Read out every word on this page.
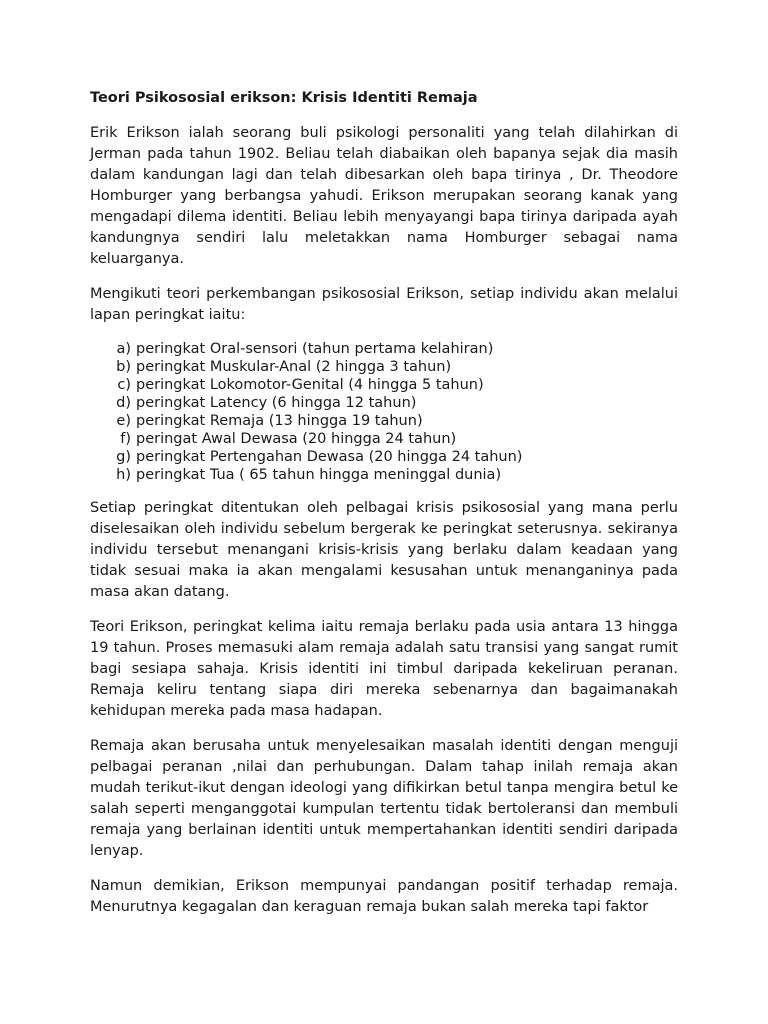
Teori Psikososial erikson: Krisis Identiti Remaja

Erik Erikson ialah seorang buli psikologi personaliti yang telah dilahirkan di Jerman pada tahun 1902. Beliau telah diabaikan oleh bapanya sejak dia masih dalam kandungan lagi dan telah dibesarkan oleh bapa tirinya , Dr. Theodore Homburger yang berbangsa yahudi. Erikson merupakan seorang kanak yang mengadapi dilema identiti. Beliau lebih menyayangi bapa tirinya daripada ayah kandungnya sendiri lalu meletakkan nama Homburger sebagai nama keluarganya.

Mengikuti teori perkembangan psikososial Erikson, setiap individu akan melalui lapan peringkat iaitu:

a) peringkat Oral-sensori (tahun pertama kelahiran)
b) peringkat Muskular-Anal (2 hingga 3 tahun)
c) peringkat Lokomotor-Genital (4 hingga 5 tahun)
d) peringkat Latency (6 hingga 12 tahun)
e) peringkat Remaja (13 hingga 19 tahun)
f) peringat Awal Dewasa (20 hingga 24 tahun)
g) peringkat Pertengahan Dewasa (20 hingga 24 tahun)
h) peringkat Tua ( 65 tahun hingga meninggal dunia)

Setiap peringkat ditentukan oleh pelbagai krisis psikososial yang mana perlu diselesaikan oleh individu sebelum bergerak ke peringkat seterusnya. sekiranya individu tersebut menangani krisis-krisis yang berlaku dalam keadaan yang tidak sesuai maka ia akan mengalami kesusahan untuk menanganinya pada masa akan datang.

Teori Erikson, peringkat kelima iaitu remaja berlaku pada usia antara 13 hingga 19 tahun. Proses memasuki alam remaja adalah satu transisi yang sangat rumit bagi sesiapa sahaja. Krisis identiti ini timbul daripada kekeliruan peranan. Remaja keliru tentang siapa diri mereka sebenarnya dan bagaimanakah kehidupan mereka pada masa hadapan.

Remaja akan berusaha untuk menyelesaikan masalah identiti dengan menguji pelbagai peranan ,nilai dan perhubungan. Dalam tahap inilah remaja akan mudah terikut-ikut dengan ideologi yang difikirkan betul tanpa mengira betul ke salah seperti menganggotai kumpulan tertentu tidak bertoleransi dan membuli remaja yang berlainan identiti untuk mempertahankan identiti sendiri daripada lenyap.

Namun demikian, Erikson mempunyai pandangan positif terhadap remaja. Menurutnya kegagalan dan keraguan remaja bukan salah mereka tapi faktor
